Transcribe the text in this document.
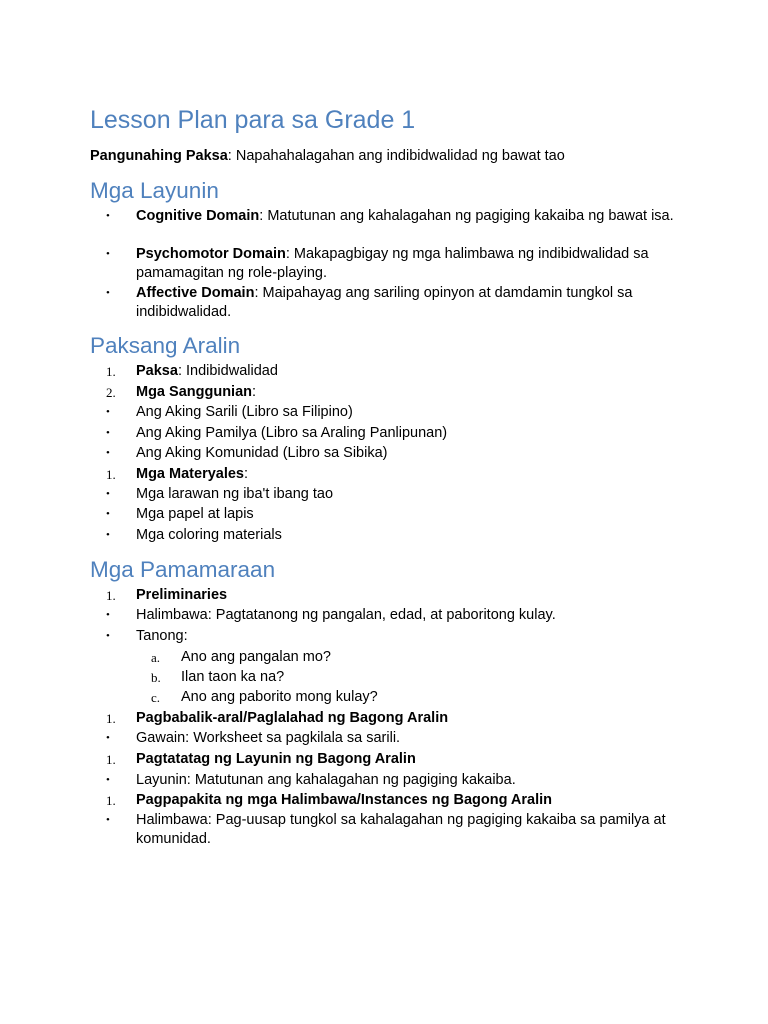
Lesson Plan para sa Grade 1
Pangunahing Paksa: Napahahalagahan ang indibidwalidad ng bawat tao
Mga Layunin
• Cognitive Domain: Matutunan ang kahalagahan ng pagiging kakaiba ng bawat isa.
• Psychomotor Domain: Makapagbigay ng mga halimbawa ng indibidwalidad sa pamamagitan ng role-playing.
• Affective Domain: Maipahayag ang sariling opinyon at damdamin tungkol sa indibidwalidad.
Paksang Aralin
1. Paksa: Indibidwalidad
2. Mga Sanggunian:
• Ang Aking Sarili (Libro sa Filipino)
• Ang Aking Pamilya (Libro sa Araling Panlipunan)
• Ang Aking Komunidad (Libro sa Sibika)
1. Mga Materyales:
• Mga larawan ng iba't ibang tao
• Mga papel at lapis
• Mga coloring materials
Mga Pamamaraan
1. Preliminaries
• Halimbawa: Pagtatanong ng pangalan, edad, at paboritong kulay.
• Tanong:
a. Ano ang pangalan mo?
b. Ilan taon ka na?
c. Ano ang paborito mong kulay?
1. Pagbabalik-aral/Paglalahad ng Bagong Aralin
• Gawain: Worksheet sa pagkilala sa sarili.
1. Pagtatatag ng Layunin ng Bagong Aralin
• Layunin: Matutunan ang kahalagahan ng pagiging kakaiba.
1. Pagpapakita ng mga Halimbawa/Instances ng Bagong Aralin
• Halimbawa: Pag-uusap tungkol sa kahalagahan ng pagiging kakaiba sa pamilya at komunidad.
